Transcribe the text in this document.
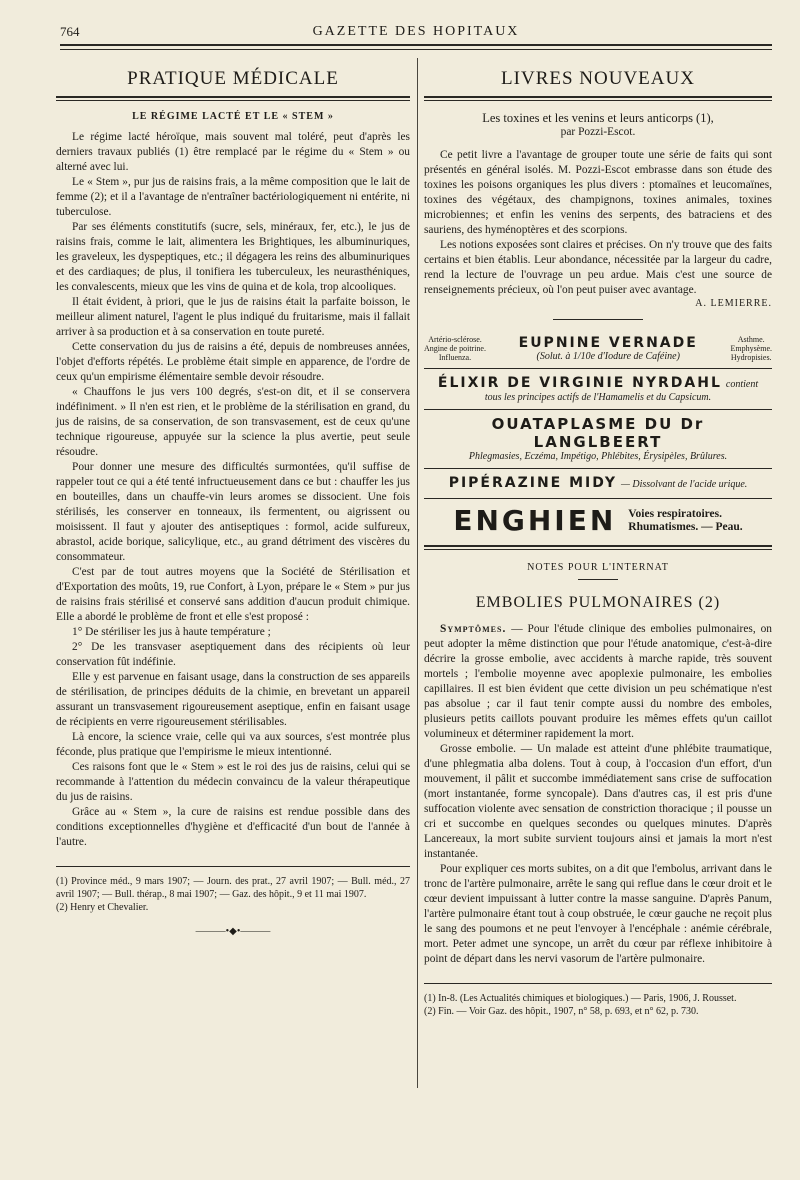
764	GAZETTE DES HOPITAUX
PRATIQUE MÉDICALE
LE RÉGIME LACTÉ ET LE « STEM »

Le régime lacté héroïque, mais souvent mal toléré, peut d'après les derniers travaux publiés (1) être remplacé par le régime du « Stem » ou alterné avec lui.

Le « Stem », pur jus de raisins frais, a la même composition que le lait de femme (2); et il a l'avantage de n'entraîner bactériologiquement ni entérite, ni tuberculose.

Par ses éléments constitutifs (sucre, sels, minéraux, fer, etc.), le jus de raisins frais, comme le lait, alimentera les Brightiques, les albuminuriques, les graveleux, les dyspeptiques, etc.; il dégagera les reins des albuminuriques et des cardiaques; de plus, il tonifiera les tuberculeux, les neurasthéniques, les convalescents, mieux que les vins de quina et de kola, trop alcooliques.

Il était évident, à priori, que le jus de raisins était la parfaite boisson, le meilleur aliment naturel, l'agent le plus indiqué du fruitarisme, mais il fallait arriver à sa production et à sa conservation en toute pureté.

Cette conservation du jus de raisins a été, depuis de nombreuses années, l'objet d'efforts répétés. Le problème était simple en apparence, de l'ordre de ceux qu'un empirisme élémentaire semble devoir résoudre.

« Chauffons le jus vers 100 degrés, s'est-on dit, et il se conservera indéfiniment. » Il n'en est rien, et le problème de la stérilisation en grand, du jus de raisins, de sa conservation, de son transvasement, est de ceux qu'une technique rigoureuse, appuyée sur la science la plus avertie, peut seule résoudre.

Pour donner une mesure des difficultés surmontées, qu'il suffise de rappeler tout ce qui a été tenté infructueusement dans ce but : chauffer les jus en bouteilles, dans un chauffe-vin leurs aromes se dissocient. Une fois stérilisés, les conserver en tonneaux, ils fermentent, ou aigrissent ou moisissent. Il faut y ajouter des antiseptiques : formol, acide sulfureux, abrastol, acide borique, salicylique, etc., au grand détriment des viscères du consommateur.

C'est par de tout autres moyens que la Société de Stérilisation et d'Exportation des moûts, 19, rue Confort, à Lyon, prépare le « Stem » pur jus de raisins frais stérilisé et conservé sans addition d'aucun produit chimique. Elle a abordé le problème de front et elle s'est proposé :

1° De stériliser les jus à haute température ;

2° De les transvaser aseptiquement dans des récipients où leur conservation fût indéfinie.

Elle y est parvenue en faisant usage, dans la construction de ses appareils de stérilisation, de principes déduits de la chimie, en brevetant un appareil assurant un transvasement rigoureusement aseptique, enfin en faisant usage de récipients en verre rigoureusement stérilisables.

Là encore, la science vraie, celle qui va aux sources, s'est montrée plus féconde, plus pratique que l'empirisme le mieux intentionné.

Ces raisons font que le « Stem » est le roi des jus de raisins, celui qui se recommande à l'attention du médecin convaincu de la valeur thérapeutique du jus de raisins.

Grâce au « Stem », la cure de raisins est rendue possible dans des conditions exceptionnelles d'hygiène et d'efficacité d'un bout de l'année à l'autre.

(1) Province méd., 9 mars 1907; — Journ. des prat., 27 avril 1907; — Bull. méd., 27 avril 1907; — Bull. thérap., 8 mai 1907; — Gaz. des hôpit., 9 et 11 mai 1907.

(2) Henry et Chevalier.

———•◆•———
LIVRES NOUVEAUX
Les toxines et les venins et leurs anticorps (1),
par Pozzi-Escot.

Ce petit livre a l'avantage de grouper toute une série de faits qui sont présentés en général isolés. M. Pozzi-Escot embrasse dans son étude des toxines les poisons organiques les plus divers : ptomaïnes et leucomaïnes, toxines des végétaux, des champignons, toxines animales, toxines microbiennes; et enfin les venins des serpents, des batraciens et des sauriens, des hyménoptères et des scorpions.

Les notions exposées sont claires et précises. On n'y trouve que des faits certains et bien établis. Leur abondance, nécessitée par la largeur du cadre, rend la lecture de l'ouvrage un peu ardue. Mais c'est une source de renseignements précieux, où l'on peut puiser avec avantage.

A. LEMIERRE.
Artério-sclérose.
Angine de poitrine.
Influenza.
EUPNINE VERNADE
(Solut. à 1/10e d'Iodure de Caféine)
Asthme.
Emphysème.
Hydropisies.
ÉLIXIR DE VIRGINIE NYRDAHL contient
tous les principes actifs de l'Hamamelis et du Capsicum.
OUATAPLASME DU Dr LANGLBEERT
Phlegmasies, Eczéma, Impétigo, Phlébites, Érysipèles, Brûlures.
PIPÉRAZINE MIDY — Dissolvant de l'acide urique.
ENGHIEN Voies respiratoires.
Rhumatismes. — Peau.
NOTES POUR L'INTERNAT
EMBOLIES PULMONAIRES (2)

Symptômes. — Pour l'étude clinique des embolies pulmonaires, on peut adopter la même distinction que pour l'étude anatomique, c'est-à-dire décrire la grosse embolie, avec accidents à marche rapide, très souvent mortels ; l'embolie moyenne avec apoplexie pulmonaire, les embolies capillaires. Il est bien évident que cette division un peu schématique n'est pas absolue ; car il faut tenir compte aussi du nombre des emboles, plusieurs petits caillots pouvant produire les mêmes effets qu'un caillot volumineux et déterminer rapidement la mort.

Grosse embolie. — Un malade est atteint d'une phlébite traumatique, d'une phlegmatia alba dolens. Tout à coup, à l'occasion d'un effort, d'un mouvement, il pâlit et succombe immédiatement sans crise de suffocation (mort instantanée, forme syncopale). Dans d'autres cas, il est pris d'une suffocation violente avec sensation de constriction thoracique ; il pousse un cri et succombe en quelques secondes ou quelques minutes. D'après Lancereaux, la mort subite survient toujours ainsi et jamais la mort n'est instantanée.

Pour expliquer ces morts subites, on a dit que l'embolus, arrivant dans le tronc de l'artère pulmonaire, arrête le sang qui reflue dans le cœur droit et le cœur devient impuissant à lutter contre la masse sanguine. D'après Panum, l'artère pulmonaire étant tout à coup obstruée, le cœur gauche ne reçoit plus le sang des poumons et ne peut l'envoyer à l'encéphale : anémie cérébrale, mort. Peter admet une syncope, un arrêt du cœur par réflexe inhibitoire à point de départ dans les nervi vasorum de l'artère pulmonaire.

(1) In-8. (Les Actualités chimiques et biologiques.) — Paris, 1906, J. Rousset.

(2) Fin. — Voir Gaz. des hôpit., 1907, n° 58, p. 693, et n° 62, p. 730.
